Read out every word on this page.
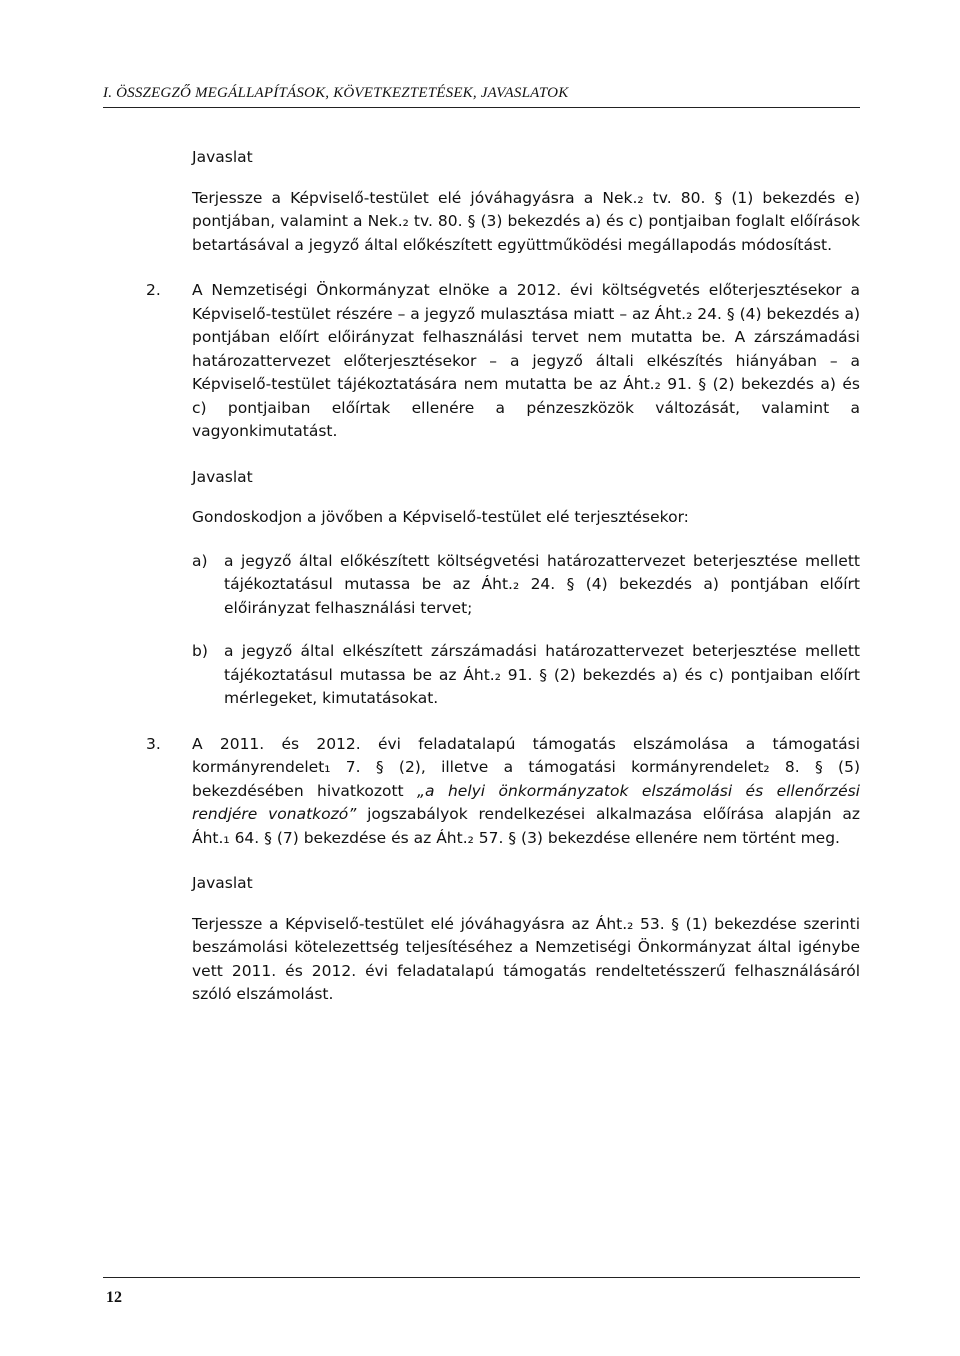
I. ÖSSZEGZŐ MEGÁLLAPÍTÁSOK, KÖVETKEZTETÉSEK, JAVASLATOK

Javaslat

Terjessze a Képviselő-testület elé jóváhagyásra a Nek.₂ tv. 80. § (1) bekezdés e) pontjában, valamint a Nek.₂ tv. 80. § (3) bekezdés a) és c) pontjaiban foglalt előírások betartásával a jegyző által előkészített együttműködési megállapodás módosítást.

2. A Nemzetiségi Önkormányzat elnöke a 2012. évi költségvetés előterjesztésekor a Képviselő-testület részére – a jegyző mulasztása miatt – az Áht.₂ 24. § (4) bekezdés a) pontjában előírt előirányzat felhasználási tervet nem mutatta be. A zárszámadási határozattervezet előterjesztésekor – a jegyző általi elkészítés hiányában – a Képviselő-testület tájékoztatására nem mutatta be az Áht.₂ 91. § (2) bekezdés a) és c) pontjaiban előírtak ellenére a pénzeszközök változását, valamint a vagyonkimutatást.

Javaslat

Gondoskodjon a jövőben a Képviselő-testület elé terjesztésekor:

a) a jegyző által előkészített költségvetési határozattervezet beterjesztése mellett tájékoztatásul mutassa be az Áht.₂ 24. § (4) bekezdés a) pontjában előírt előirányzat felhasználási tervet;

b) a jegyző által elkészített zárszámadási határozattervezet beterjesztése mellett tájékoztatásul mutassa be az Áht.₂ 91. § (2) bekezdés a) és c) pontjaiban előírt mérlegeket, kimutatásokat.

3. A 2011. és 2012. évi feladatalapú támogatás elszámolása a támogatási kormányrendelet₁ 7. § (2), illetve a támogatási kormányrendelet₂ 8. § (5) bekezdésében hivatkozott „a helyi önkormányzatok elszámolási és ellenőrzési rendjére vonatkozó” jogszabályok rendelkezései alkalmazása előírása alapján az Áht.₁ 64. § (7) bekezdése és az Áht.₂ 57. § (3) bekezdése ellenére nem történt meg.

Javaslat

Terjessze a Képviselő-testület elé jóváhagyásra az Áht.₂ 53. § (1) bekezdése szerinti beszámolási kötelezettség teljesítéséhez a Nemzetiségi Önkormányzat által igénybe vett 2011. és 2012. évi feladatalapú támogatás rendeltetésszerű felhasználásáról szóló elszámolást.

12
